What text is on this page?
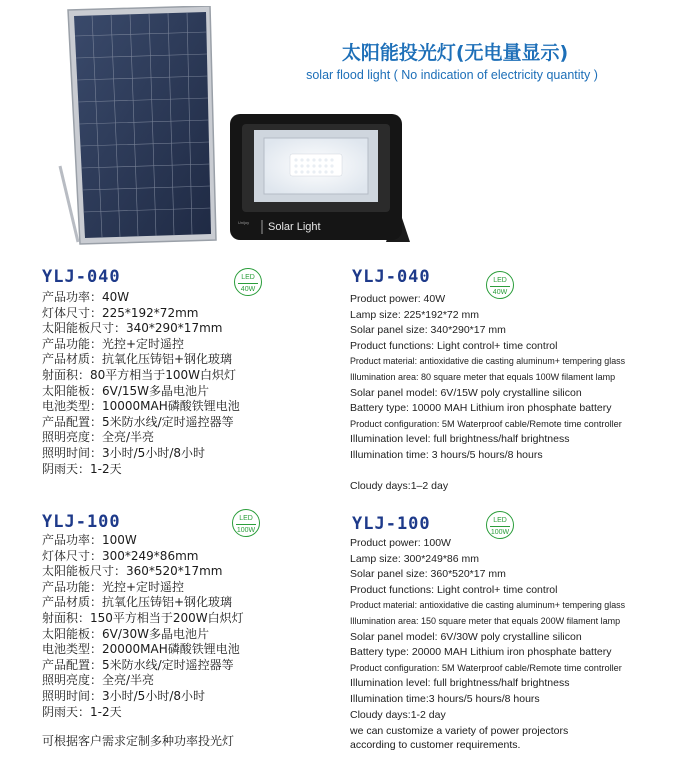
Solar Light
Unijoy
太阳能投光灯(无电量显示)
solar flood light ( No indication of electricity quantity )
YLJ-040	LED
40W
产品功率：40W
灯体尺寸：225*192*72mm
太阳能板尺寸：340*290*17mm
产品功能：光控+定时遥控
产品材质：抗氧化压铸铝+钢化玻璃
射面积：80平方相当于100W白炽灯
太阳能板：6V/15W多晶电池片
电池类型：10000MAH磷酸铁锂电池
产品配置：5米防水线/定时遥控器等
照明亮度：全亮/半亮
照明时间：3小时/5小时/8小时
阴雨天：1-2天
YLJ-100	LED
100W
产品功率：100W
灯体尺寸：300*249*86mm
太阳能板尺寸：360*520*17mm
产品功能：光控+定时遥控
产品材质：抗氧化压铸铝+钢化玻璃
射面积：150平方相当于200W白炽灯
太阳能板：6V/30W多晶电池片
电池类型：20000MAH磷酸铁锂电池
产品配置：5米防水线/定时遥控器等
照明亮度：全亮/半亮
照明时间：3小时/5小时/8小时
阴雨天：1-2天
YLJ-040	LED
40W
Product power: 40W
Lamp size: 225*192*72 mm
Solar panel size: 340*290*17 mm
Product functions: Light control+ time control
Product material: antioxidative die casting aluminum+ tempering glass
Illumination area: 80 square meter that equals 100W filament lamp
Solar panel model: 6V/15W poly crystalline silicon
Battery type: 10000 MAH Lithium iron phosphate battery
Product configuration: 5M Waterproof cable/Remote time controller
Illumination level: full brightness/half brightness
Illumination time: 3 hours/5 hours/8 hours
Cloudy days:1–2 day
YLJ-100	LED
100W
Product power: 100W
Lamp size: 300*249*86 mm
Solar panel size: 360*520*17 mm
Product functions: Light control+ time control
Product material: antioxidative die casting aluminum+ tempering glass
Illumination area: 150 square meter that equals 200W filament lamp
Solar panel model: 6V/30W poly crystalline silicon
Battery type: 20000 MAH Lithium iron phosphate battery
Product configuration: 5M Waterproof cable/Remote time controller
Illumination level: full brightness/half brightness
Illumination time:3 hours/5 hours/8 hours
Cloudy days:1-2 day
可根据客户需求定制多种功率投光灯
we can customize a variety of power projectors
according to customer requirements.
